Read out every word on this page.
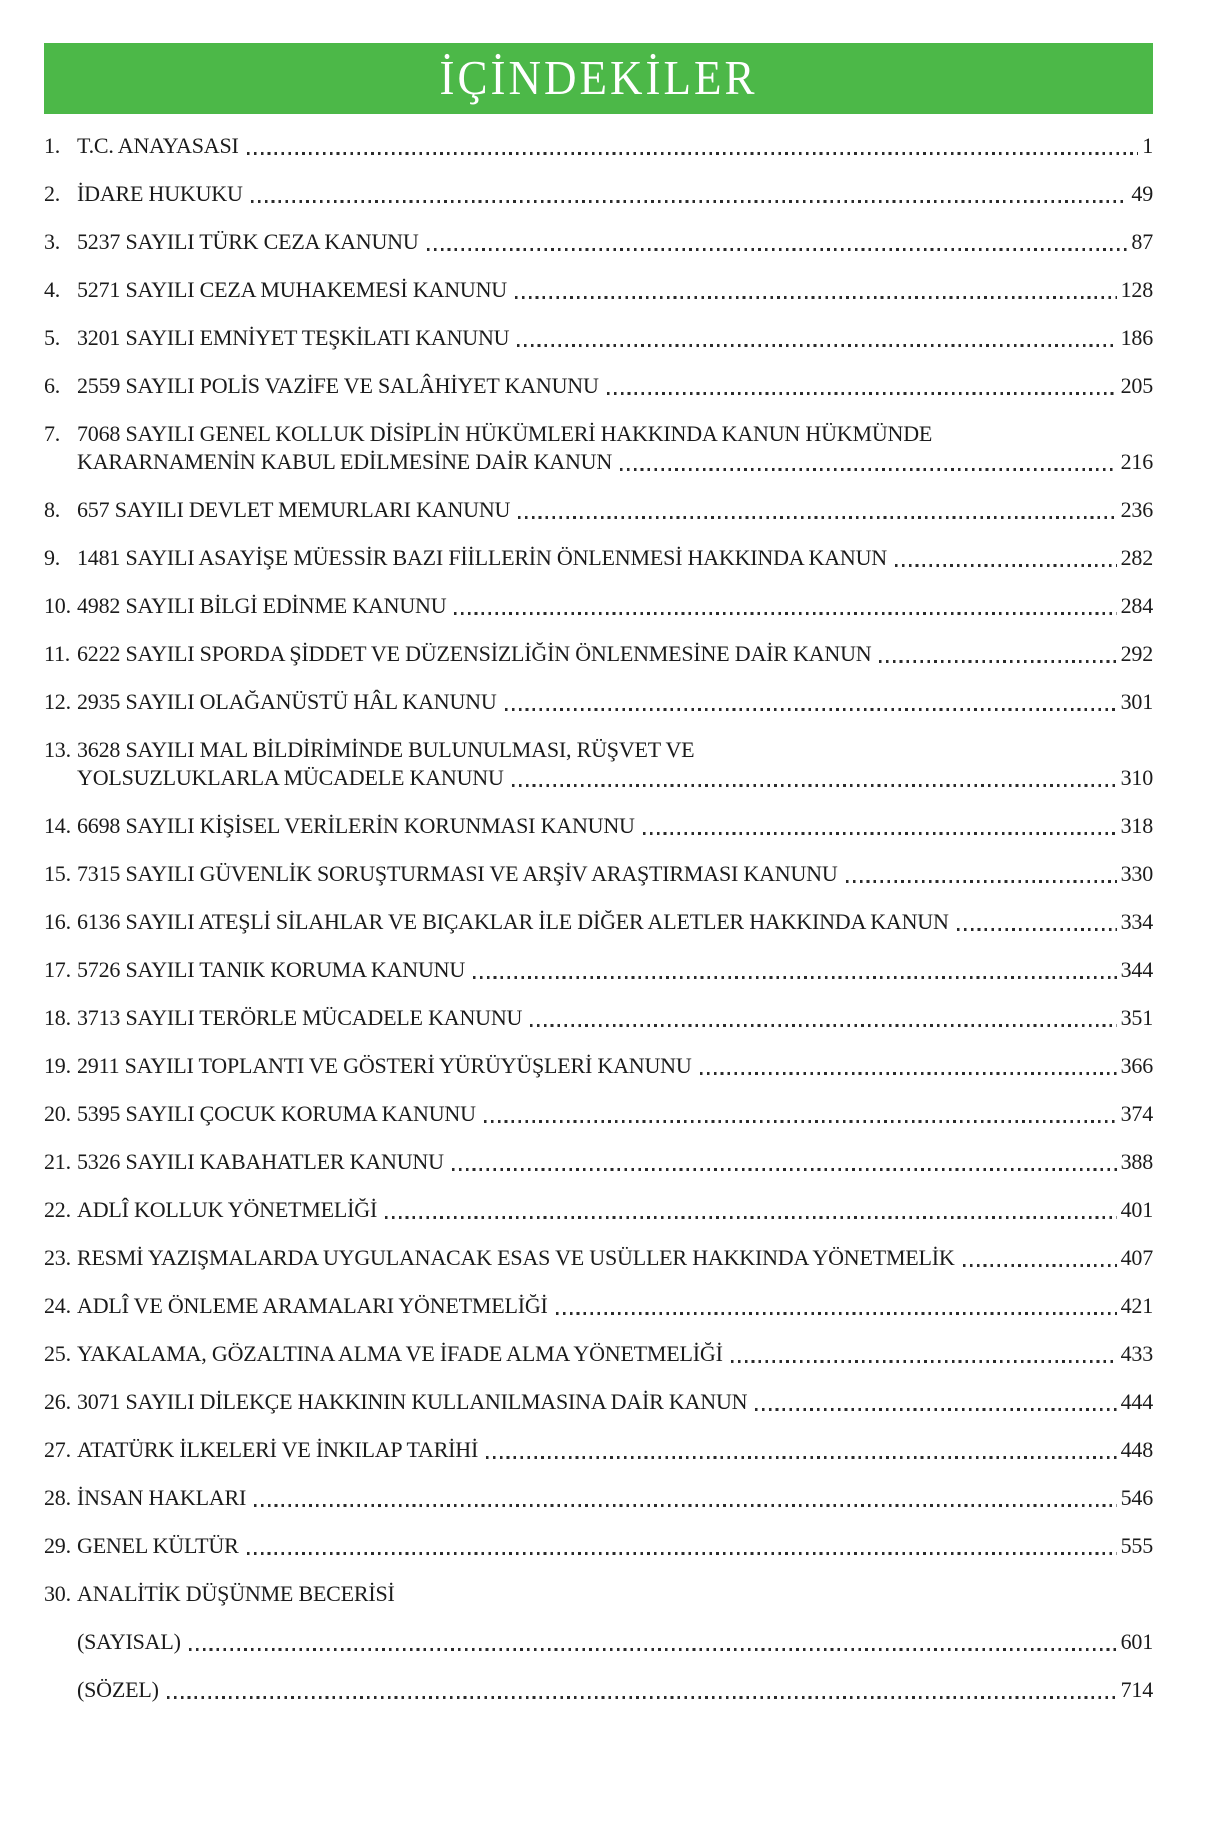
İÇİNDEKİLER
1. T.C. ANAYASASI	1
2. İDARE HUKUKU	49
3. 5237 SAYILI TÜRK CEZA KANUNU	87
4. 5271 SAYILI CEZA MUHAKEMESİ KANUNU	128
5. 3201 SAYILI EMNİYET TEŞKİLATI KANUNU	186
6. 2559 SAYILI POLİS VAZİFE VE SALÂHİYET KANUNU	205
7. 7068 SAYILI GENEL KOLLUK DİSİPLİN HÜKÜMLERİ HAKKINDA KANUN HÜKMÜNDE
KARARNAMENİN KABUL EDİLMESİNE DAİR KANUN	216
8. 657 SAYILI DEVLET MEMURLARI KANUNU	236
9. 1481 SAYILI ASAYİŞE MÜESSİR BAZI FİİLLERİN ÖNLENMESİ HAKKINDA KANUN	282
10. 4982 SAYILI BİLGİ EDİNME KANUNU	284
11. 6222 SAYILI SPORDA ŞİDDET VE DÜZENSİZLİĞİN ÖNLENMESİNE DAİR KANUN	292
12. 2935 SAYILI OLAĞANÜSTÜ HÂL KANUNU	301
13. 3628 SAYILI MAL BİLDİRİMİNDE BULUNULMASI, RÜŞVET VE
YOLSUZLUKLARLA MÜCADELE KANUNU	310
14. 6698 SAYILI KİŞİSEL VERİLERİN KORUNMASI KANUNU	318
15. 7315 SAYILI GÜVENLİK SORUŞTURMASI VE ARŞİV ARAŞTIRMASI KANUNU	330
16. 6136 SAYILI ATEŞLİ SİLAHLAR VE BIÇAKLAR İLE DİĞER ALETLER HAKKINDA KANUN	334
17. 5726 SAYILI TANIK KORUMA KANUNU	344
18. 3713 SAYILI TERÖRLE MÜCADELE KANUNU	351
19. 2911 SAYILI TOPLANTI VE GÖSTERİ YÜRÜYÜŞLERİ KANUNU	366
20. 5395 SAYILI ÇOCUK KORUMA KANUNU	374
21. 5326 SAYILI KABAHATLER KANUNU	388
22. ADLÎ KOLLUK YÖNETMELİĞİ	401
23. RESMİ YAZIŞMALARDA UYGULANACAK ESAS VE USÜLLER HAKKINDA YÖNETMELİK	407
24. ADLÎ VE ÖNLEME ARAMALARI YÖNETMELİĞİ	421
25. YAKALAMA, GÖZALTINA ALMA VE İFADE ALMA YÖNETMELİĞİ	433
26. 3071 SAYILI DİLEKÇE HAKKININ KULLANILMASINA DAİR KANUN	444
27. ATATÜRK İLKELERİ VE İNKILAP TARİHİ	448
28. İNSAN HAKLARI	546
29. GENEL KÜLTÜR	555
30. ANALİTİK DÜŞÜNME BECERİSİ
(SAYISAL)	601
(SÖZEL)	714
